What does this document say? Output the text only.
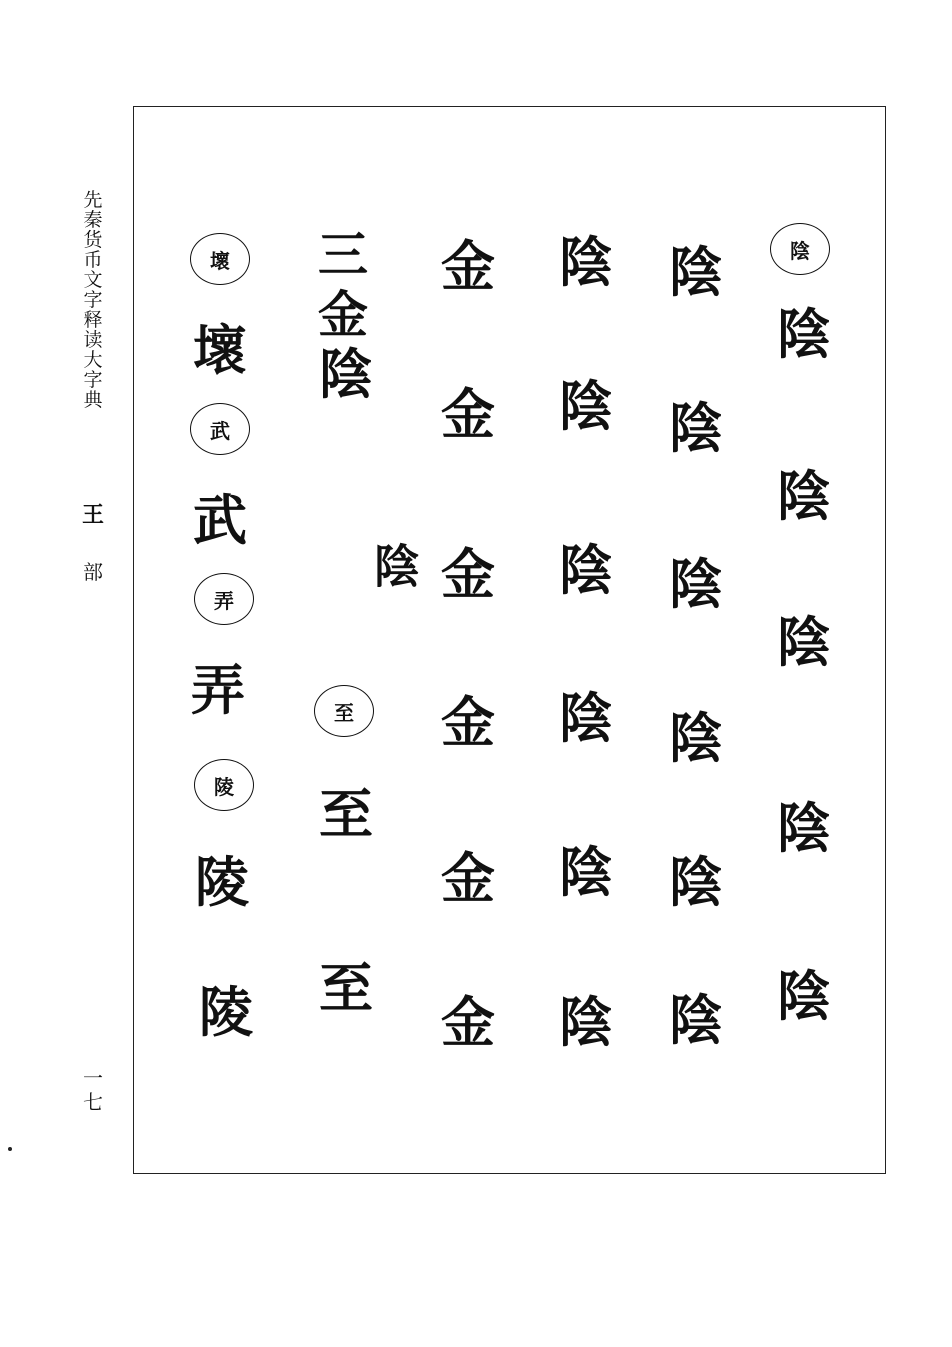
先
秦
货
币
文
字
释
读
大
字
典
王
部
一
七
陰
陰
陰
陰
陰
陰
陰
陰
陰
陰
陰
陰
陰
陰
陰
陰
陰
陰
金
金
金
金
金
金
三金
陰
陰
至
至
至
壞
壞
武
武
弄
弄
陵
陵
陵
